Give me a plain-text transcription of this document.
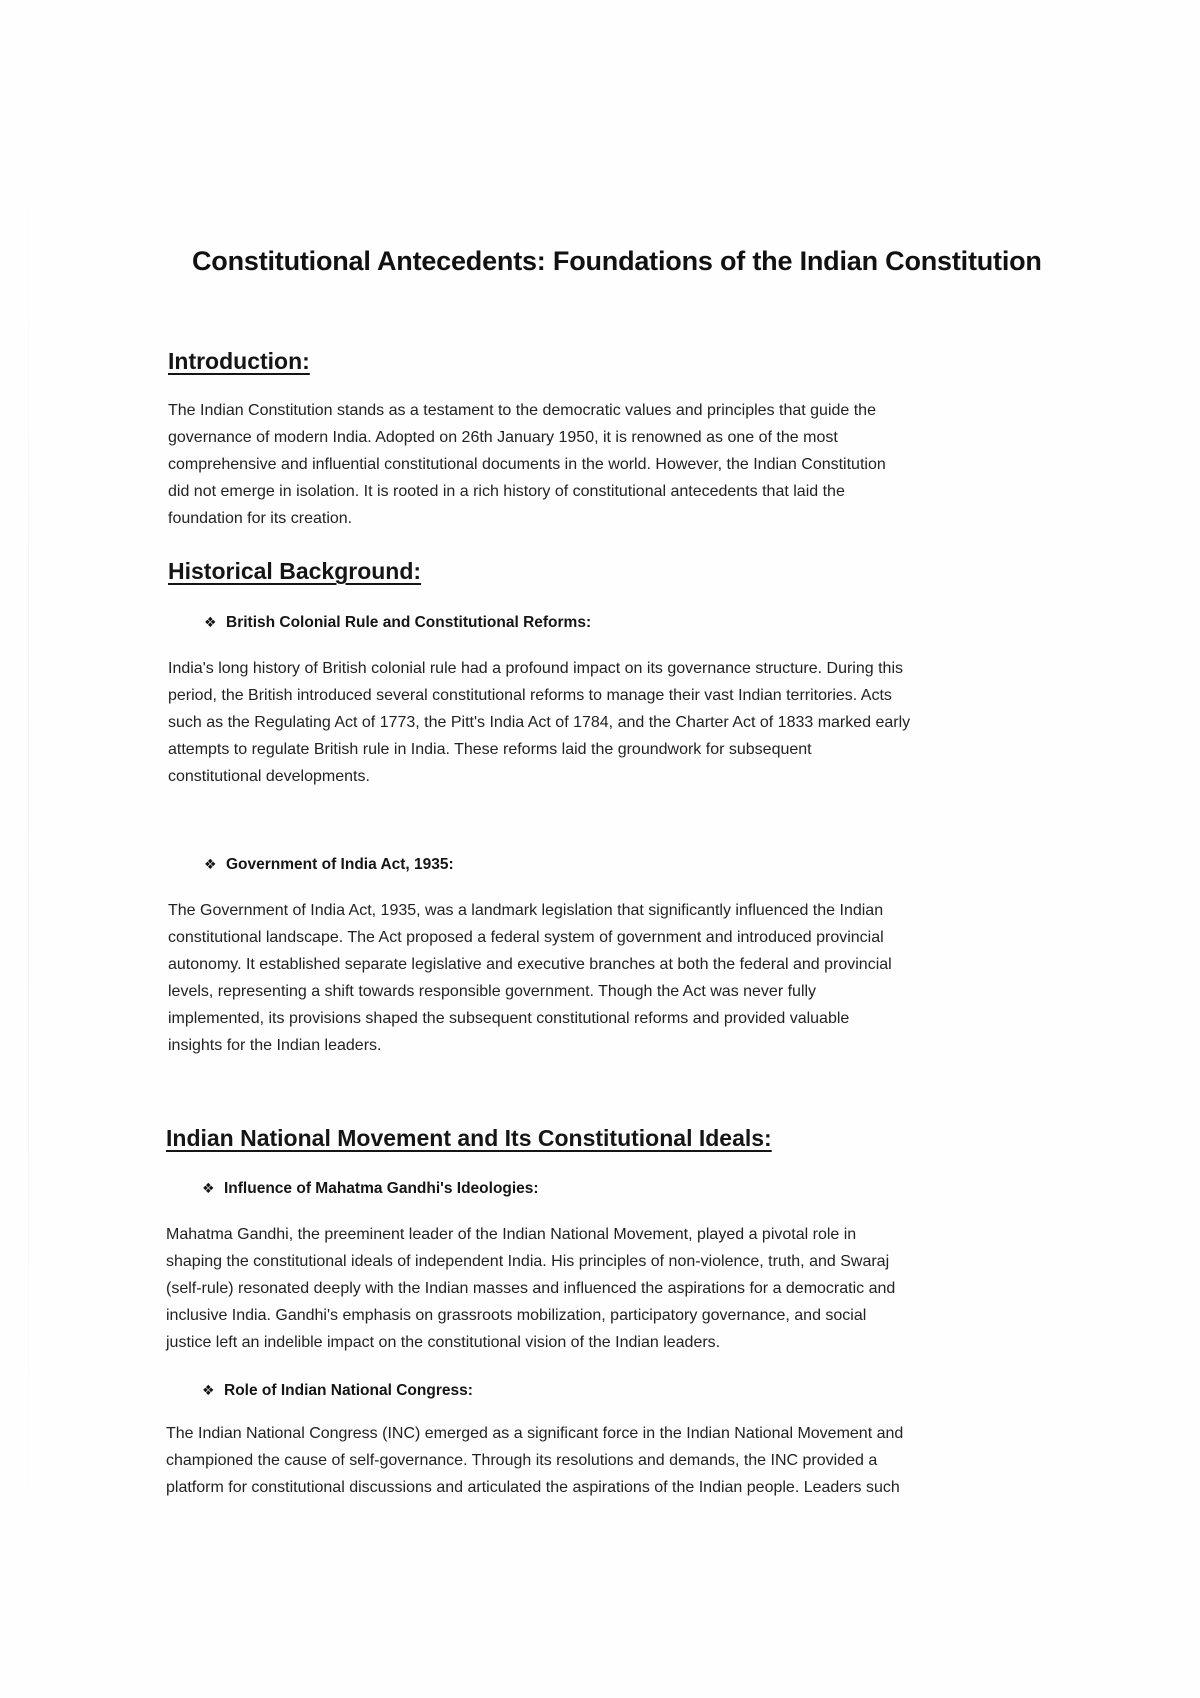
Constitutional Antecedents: Foundations of the Indian Constitution
Introduction:
The Indian Constitution stands as a testament to the democratic values and principles that guide the
governance of modern India. Adopted on 26th January 1950, it is renowned as one of the most
comprehensive and influential constitutional documents in the world. However, the Indian Constitution
did not emerge in isolation. It is rooted in a rich history of constitutional antecedents that laid the
foundation for its creation.
Historical Background:
❖ British Colonial Rule and Constitutional Reforms:
India's long history of British colonial rule had a profound impact on its governance structure. During this
period, the British introduced several constitutional reforms to manage their vast Indian territories. Acts
such as the Regulating Act of 1773, the Pitt's India Act of 1784, and the Charter Act of 1833 marked early
attempts to regulate British rule in India. These reforms laid the groundwork for subsequent
constitutional developments.
❖ Government of India Act, 1935:
The Government of India Act, 1935, was a landmark legislation that significantly influenced the Indian
constitutional landscape. The Act proposed a federal system of government and introduced provincial
autonomy. It established separate legislative and executive branches at both the federal and provincial
levels, representing a shift towards responsible government. Though the Act was never fully
implemented, its provisions shaped the subsequent constitutional reforms and provided valuable
insights for the Indian leaders.
Indian National Movement and Its Constitutional Ideals:
❖ Influence of Mahatma Gandhi's Ideologies:
Mahatma Gandhi, the preeminent leader of the Indian National Movement, played a pivotal role in
shaping the constitutional ideals of independent India. His principles of non-violence, truth, and Swaraj
(self-rule) resonated deeply with the Indian masses and influenced the aspirations for a democratic and
inclusive India. Gandhi's emphasis on grassroots mobilization, participatory governance, and social
justice left an indelible impact on the constitutional vision of the Indian leaders.
❖ Role of Indian National Congress:
The Indian National Congress (INC) emerged as a significant force in the Indian National Movement and
championed the cause of self-governance. Through its resolutions and demands, the INC provided a
platform for constitutional discussions and articulated the aspirations of the Indian people. Leaders such
